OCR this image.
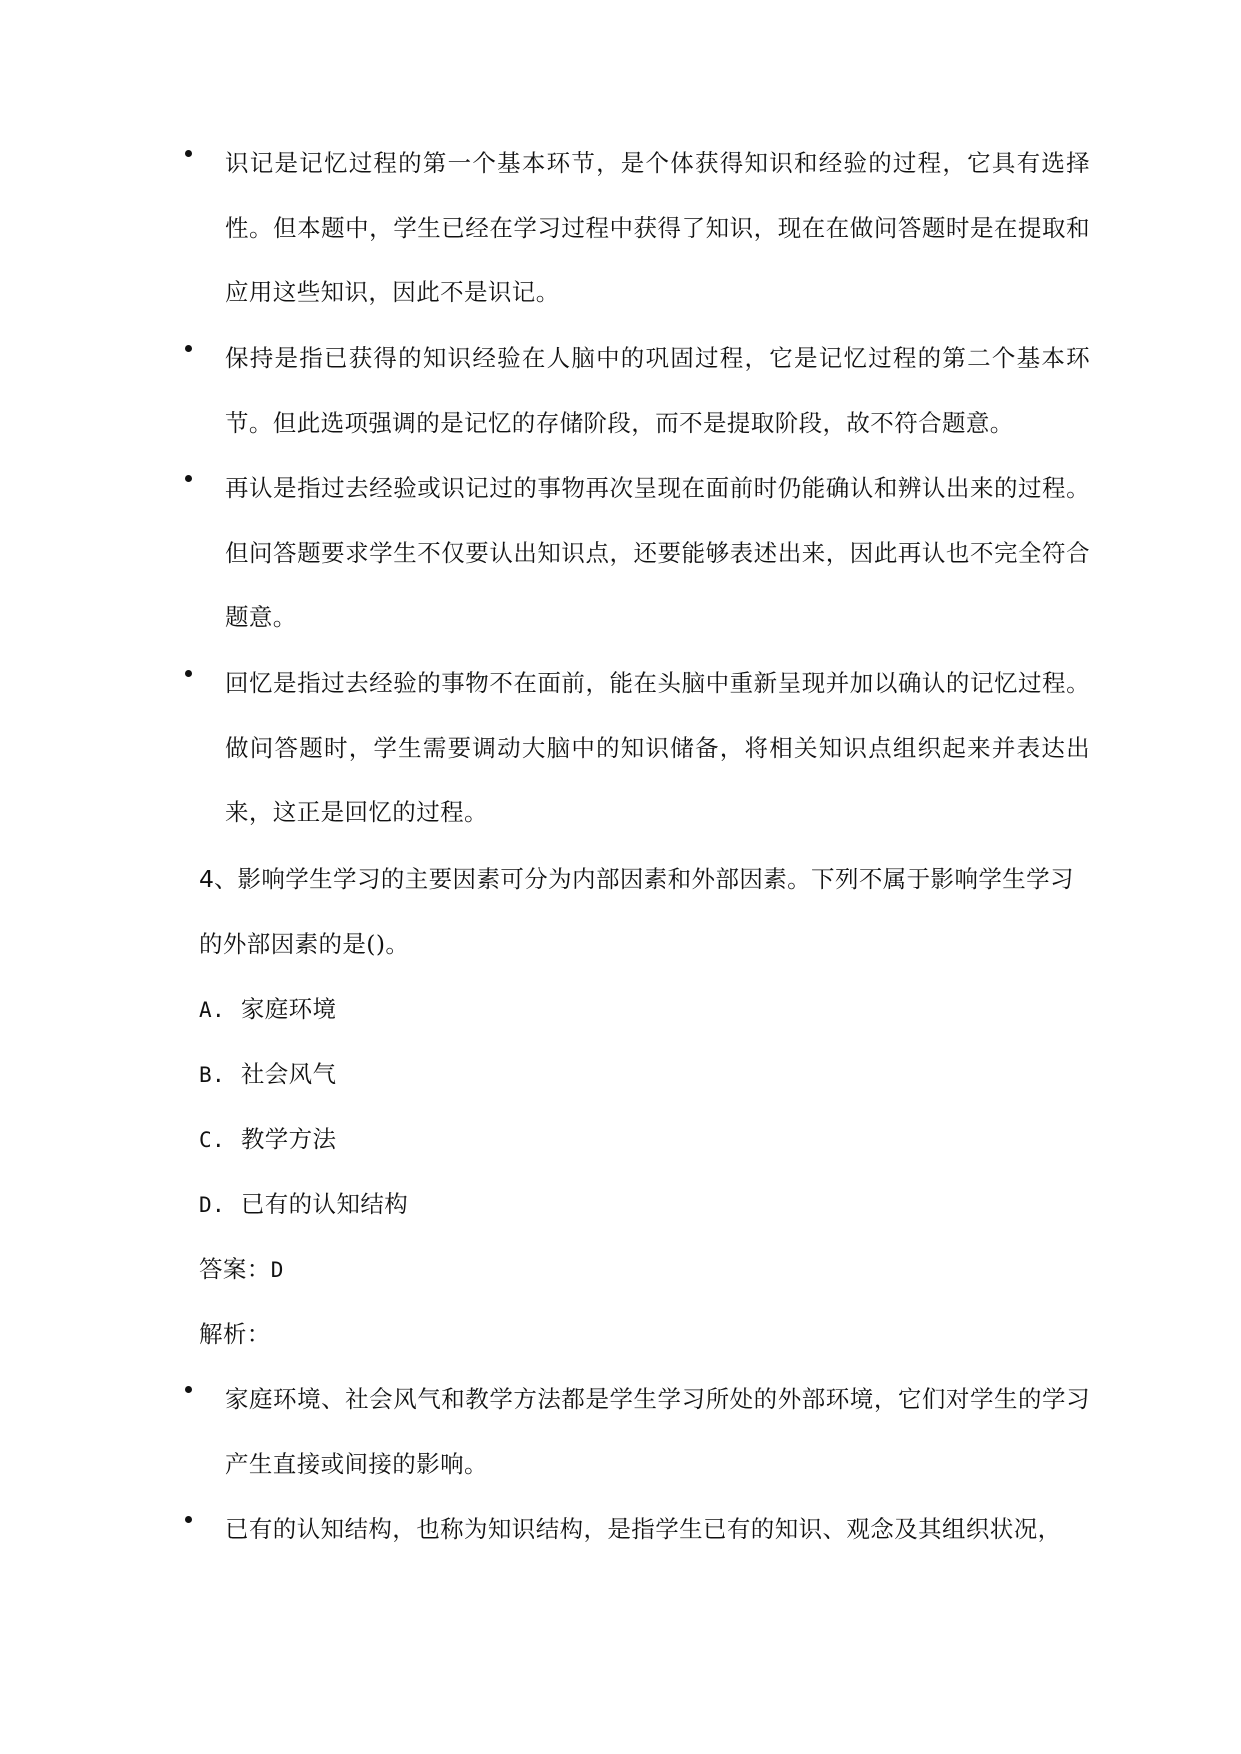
识记是记忆过程的第一个基本环节，是个体获得知识和经验的过程，它具有选择性。但本题中，学生已经在学习过程中获得了知识，现在在做问答题时是在提取和应用这些知识，因此不是识记。
保持是指已获得的知识经验在人脑中的巩固过程，它是记忆过程的第二个基本环节。但此选项强调的是记忆的存储阶段，而不是提取阶段，故不符合题意。
再认是指过去经验或识记过的事物再次呈现在面前时仍能确认和辨认出来的过程。但问答题要求学生不仅要认出知识点，还要能够表述出来，因此再认也不完全符合题意。
回忆是指过去经验的事物不在面前，能在头脑中重新呈现并加以确认的记忆过程。做问答题时，学生需要调动大脑中的知识储备，将相关知识点组织起来并表达出来，这正是回忆的过程。
4、影响学生学习的主要因素可分为内部因素和外部因素。下列不属于影响学生学习的外部因素的是()。
A. 家庭环境
B. 社会风气
C. 教学方法
D. 已有的认知结构
答案：D
解析：
家庭环境、社会风气和教学方法都是学生学习所处的外部环境，它们对学生的学习产生直接或间接的影响。
已有的认知结构，也称为知识结构，是指学生已有的知识、观念及其组织状况，
